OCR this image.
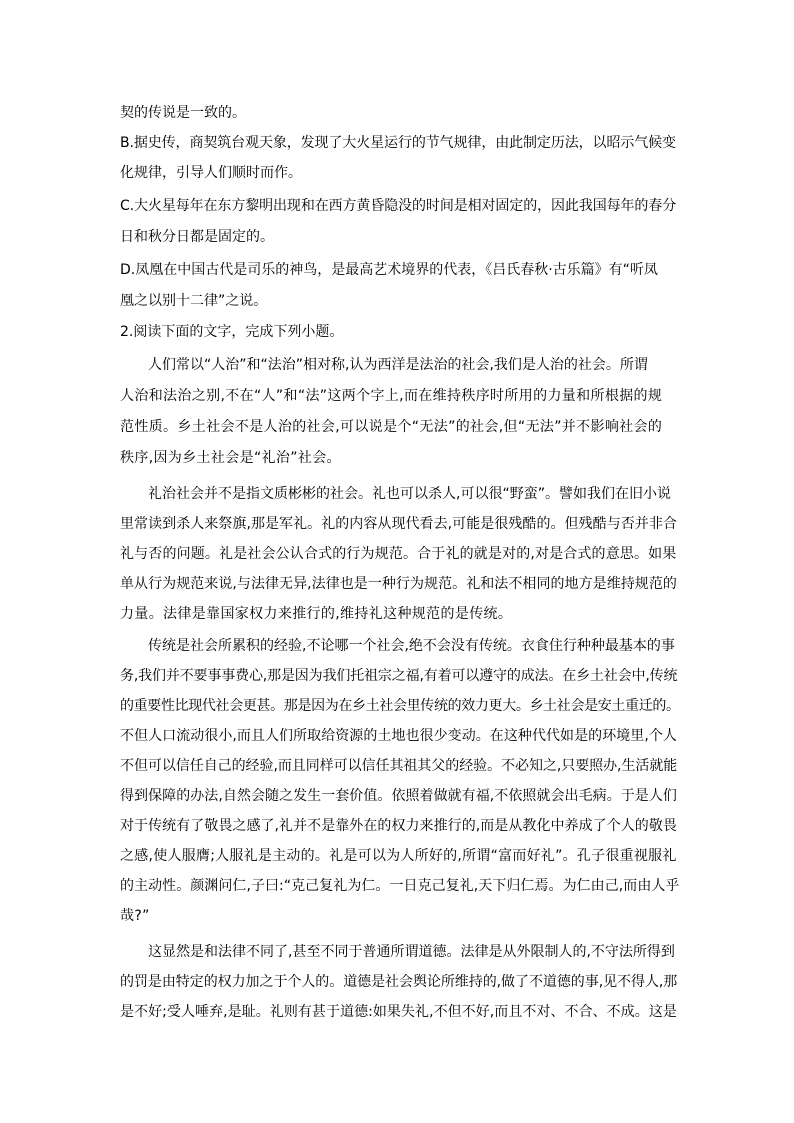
契的传说是一致的。

B.据史传，商契筑台观天象，发现了大火星运行的节气规律，由此制定历法，以昭示气候变

化规律，引导人们顺时而作。

C.大火星每年在东方黎明出现和在西方黄昏隐没的时间是相对固定的，因此我国每年的春分

日和秋分日都是固定的。

D.凤凰在中国古代是司乐的神鸟，是最高艺术境界的代表，《吕氏春秋·古乐篇》有“听凤

凰之以别十二律”之说。

2.阅读下面的文字，完成下列小题。

人们常以“人治”和“法治”相对称,认为西洋是法治的社会,我们是人治的社会。所谓

人治和法治之别,不在“人”和“法”这两个字上,而在维持秩序时所用的力量和所根据的规

范性质。乡土社会不是人治的社会,可以说是个“无法”的社会,但“无法”并不影响社会的

秩序,因为乡土社会是“礼治”社会。

礼治社会并不是指文质彬彬的社会。礼也可以杀人,可以很“野蛮”。譬如我们在旧小说

里常读到杀人来祭旗,那是军礼。礼的内容从现代看去,可能是很残酷的。但残酷与否并非合

礼与否的问题。礼是社会公认合式的行为规范。合于礼的就是对的,对是合式的意思。如果

单从行为规范来说,与法律无异,法律也是一种行为规范。礼和法不相同的地方是维持规范的

力量。法律是靠国家权力来推行的,维持礼这种规范的是传统。

传统是社会所累积的经验,不论哪一个社会,绝不会没有传统。衣食住行种种最基本的事

务,我们并不要事事费心,那是因为我们托祖宗之福,有着可以遵守的成法。在乡土社会中,传统

的重要性比现代社会更甚。那是因为在乡土社会里传统的效力更大。乡土社会是安土重迁的。

不但人口流动很小,而且人们所取给资源的土地也很少变动。在这种代代如是的环境里,个人

不但可以信任自己的经验,而且同样可以信任其祖其父的经验。不必知之,只要照办,生活就能

得到保障的办法,自然会随之发生一套价值。依照着做就有福,不依照就会出毛病。于是人们

对于传统有了敬畏之感了,礼并不是靠外在的权力来推行的,而是从教化中养成了个人的敬畏

之感,使人服膺;人服礼是主动的。礼是可以为人所好的,所谓“富而好礼”。孔子很重视服礼

的主动性。颜渊问仁,子曰:“克己复礼为仁。一日克己复礼,天下归仁焉。为仁由己,而由人乎

哉?”

这显然是和法律不同了,甚至不同于普通所谓道德。法律是从外限制人的,不守法所得到

的罚是由特定的权力加之于个人的。道德是社会舆论所维持的,做了不道德的事,见不得人,那

是不好;受人唾弃,是耻。礼则有甚于道德:如果失礼,不但不好,而且不对、不合、不成。这是
